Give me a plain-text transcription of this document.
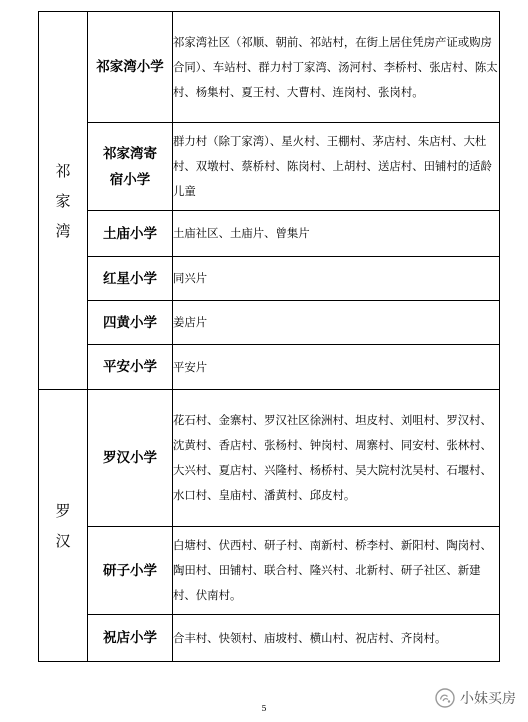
祁家湾	祁家湾小学	祁家湾社区（祁顺、朝前、祁站村，在街上居住凭房产证或购房合同）、车站村、群力村丁家湾、汤河村、李桥村、张店村、陈太村、杨集村、夏王村、大曹村、连岗村、张岗村。
	祁家湾寄宿小学	群力村（除丁家湾）、星火村、王棚村、茅店村、朱店村、大杜村、双墩村、蔡桥村、陈岗村、上胡村、送店村、田铺村的适龄儿童
	土庙小学	土庙社区、土庙片、曾集片
	红星小学	同兴片
	四黄小学	姜店片
	平安小学	平安片
罗汉	罗汉小学	花石村、金寨村、罗汉社区徐洲村、坦皮村、刘咀村、罗汉村、沈黄村、香店村、张杨村、钟岗村、周寨村、同安村、张林村、大兴村、夏店村、兴隆村、杨桥村、吴大院村沈吴村、石堰村、水口村、皇庙村、潘黄村、邱皮村。
	研子小学	白塘村、伏西村、研子村、南新村、桥李村、新阳村、陶岗村、陶田村、田铺村、联合村、隆兴村、北新村、研子社区、新建村、伏南村。
	祝店小学	合丰村、快领村、庙坡村、横山村、祝店村、齐岗村。
5
小妹买房
